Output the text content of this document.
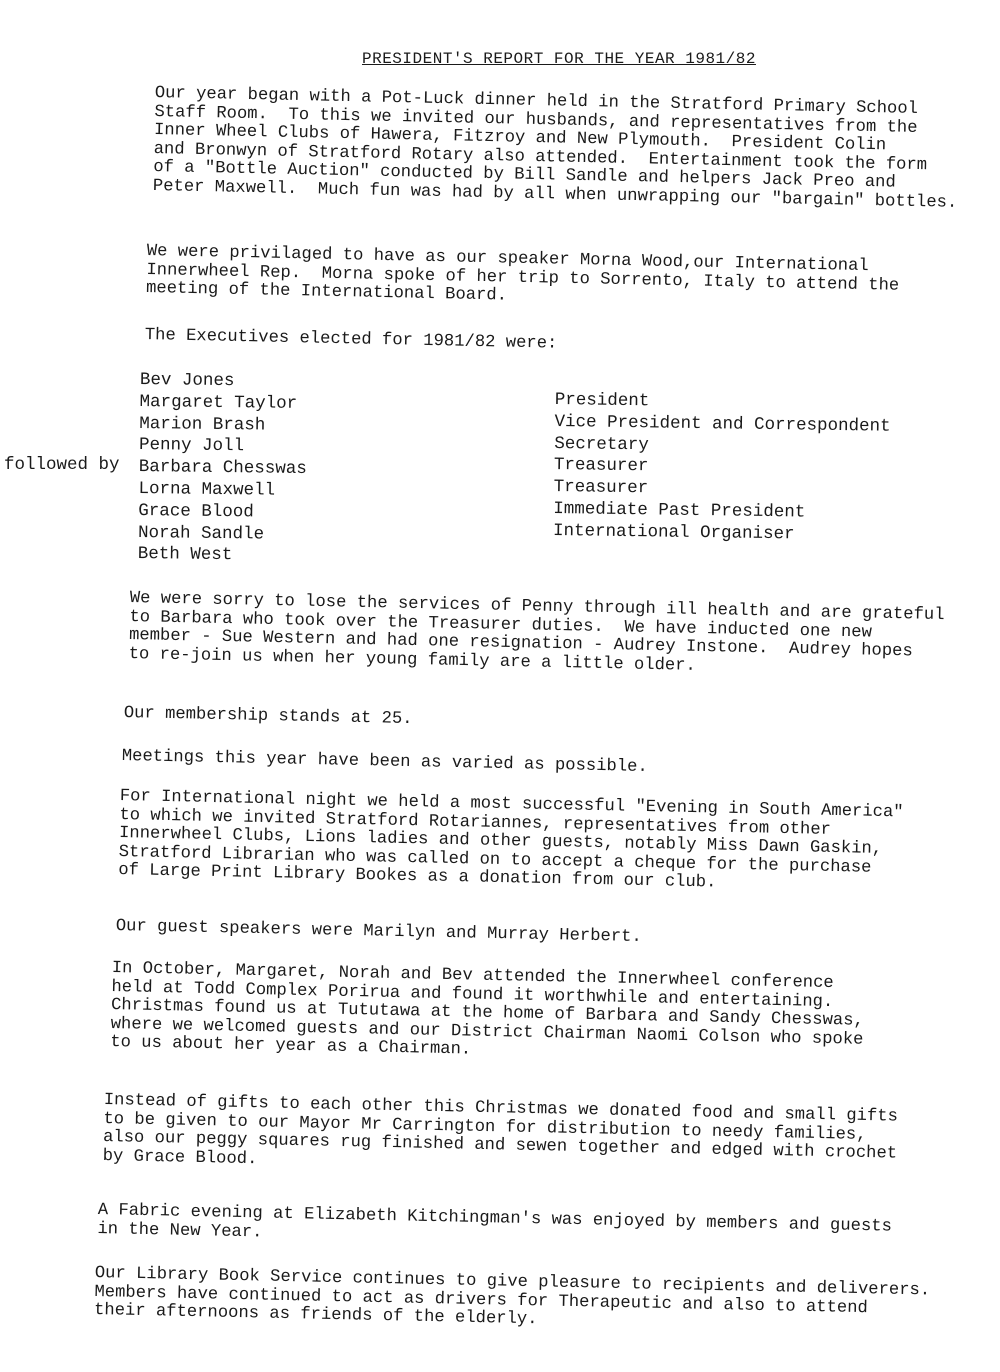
PRESIDENT'S REPORT FOR THE YEAR 1981/82

Our year began with a Pot-Luck dinner held in the Stratford Primary School
Staff Room.  To this we invited our husbands, and representatives from the
Inner Wheel Clubs of Hawera, Fitzroy and New Plymouth.  President Colin
and Bronwyn of Stratford Rotary also attended.  Entertainment took the form
of a "Bottle Auction" conducted by Bill Sandle and helpers Jack Preo and
Peter Maxwell.  Much fun was had by all when unwrapping our "bargain" bottles.

We were privilaged to have as our speaker Morna Wood,our International
Innerwheel Rep.  Morna spoke of her trip to Sorrento, Italy to attend the
meeting of the International Board.

The Executives elected for 1981/82 were:

followed by

Bev Jones
Margaret Taylor
Marion Brash
Penny Joll
Barbara Chesswas
Lorna Maxwell
Grace Blood
Norah Sandle
Beth West

President
Vice President and Correspondent
Secretary
Treasurer
Treasurer
Immediate Past President
International Organiser

We were sorry to lose the services of Penny through ill health and are grateful
to Barbara who took over the Treasurer duties.  We have inducted one new
member - Sue Western and had one resignation - Audrey Instone.  Audrey hopes
to re-join us when her young family are a little older.

Our membership stands at 25.

Meetings this year have been as varied as possible.

For International night we held a most successful "Evening in South America"
to which we invited Stratford Rotariannes, representatives from other
Innerwheel Clubs, Lions ladies and other guests, notably Miss Dawn Gaskin,
Stratford Librarian who was called on to accept a cheque for the purchase
of Large Print Library Bookes as a donation from our club.

Our guest speakers were Marilyn and Murray Herbert.

In October, Margaret, Norah and Bev attended the Innerwheel conference
held at Todd Complex Porirua and found it worthwhile and entertaining.
Christmas found us at Tututawa at the home of Barbara and Sandy Chesswas,
where we welcomed guests and our District Chairman Naomi Colson who spoke
to us about her year as a Chairman.

Instead of gifts to each other this Christmas we donated food and small gifts
to be given to our Mayor Mr Carrington for distribution to needy families,
also our peggy squares rug finished and sewen together and edged with crochet
by Grace Blood.

A Fabric evening at Elizabeth Kitchingman's was enjoyed by members and guests
in the New Year.

Our Library Book Service continues to give pleasure to recipients and deliverers.
Members have continued to act as drivers for Therapeutic and also to attend
their afternoons as friends of the elderly.
